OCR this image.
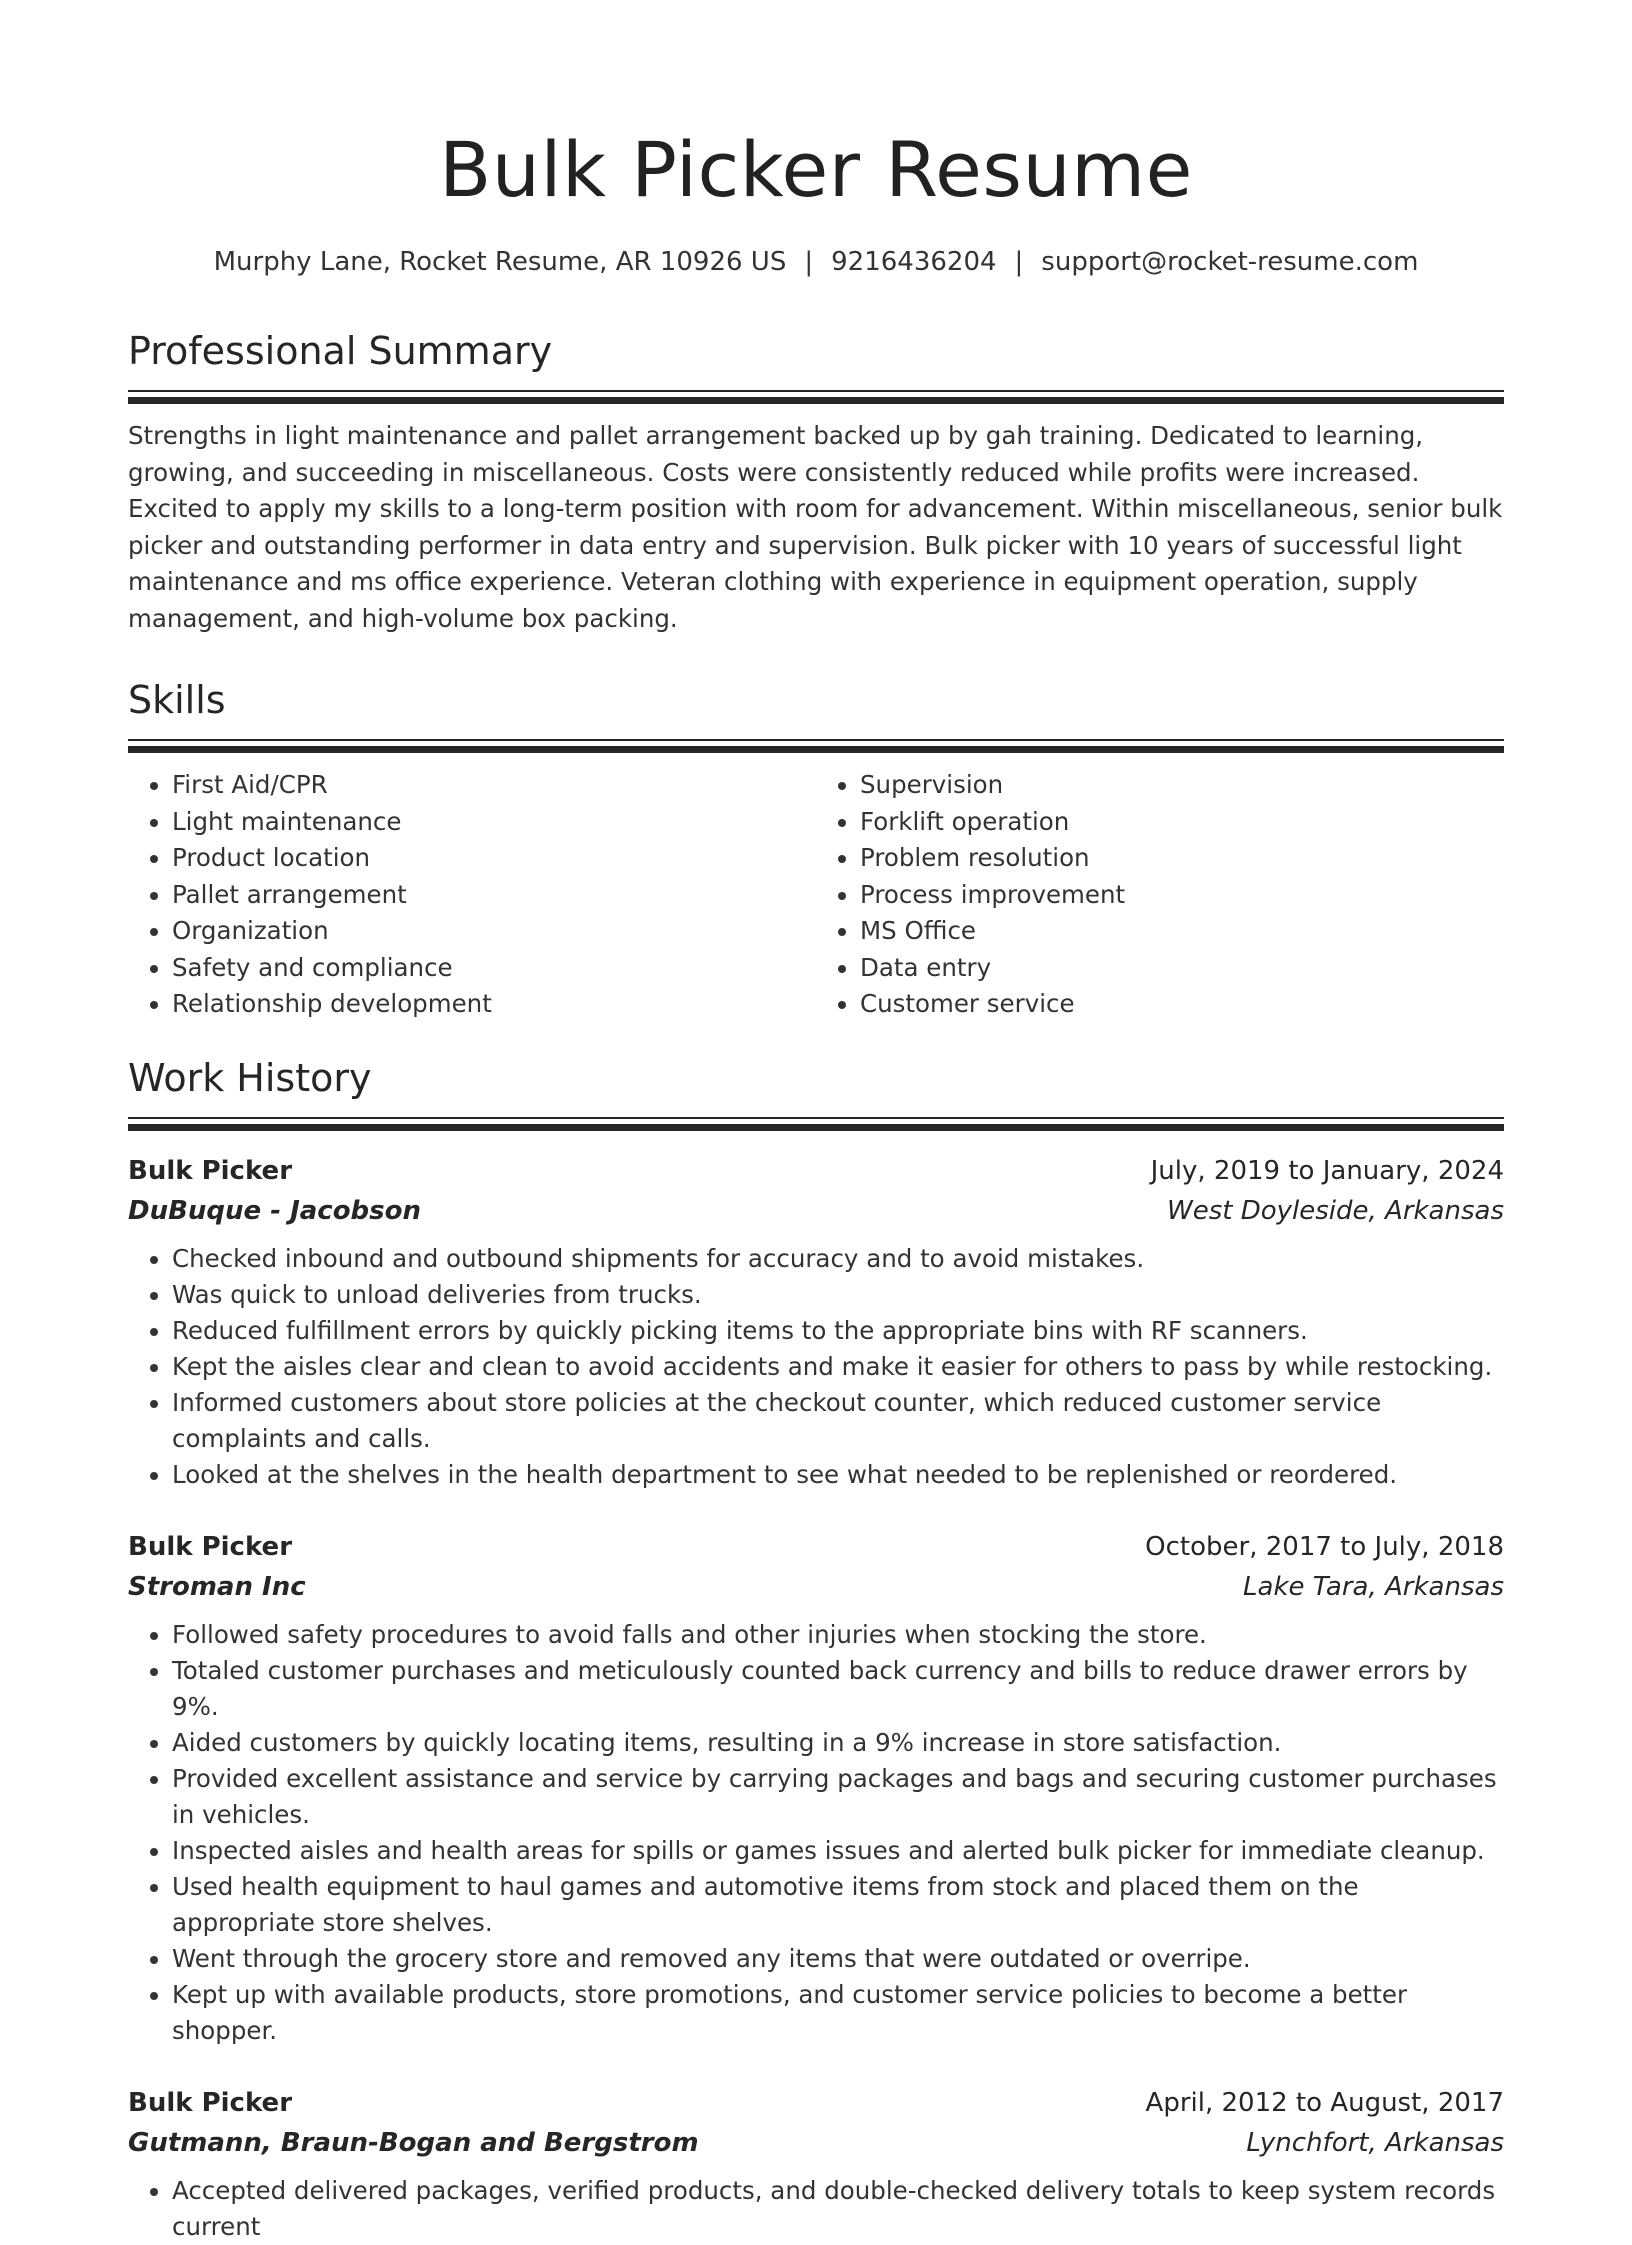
Bulk Picker Resume
Murphy Lane, Rocket Resume, AR 10926 US | 9216436204 | support@rocket-resume.com
Professional Summary

Strengths in light maintenance and pallet arrangement backed up by gah training. Dedicated to learning, growing, and succeeding in miscellaneous. Costs were consistently reduced while profits were increased. Excited to apply my skills to a long-term position with room for advancement. Within miscellaneous, senior bulk picker and outstanding performer in data entry and supervision. Bulk picker with 10 years of successful light maintenance and ms office experience. Veteran clothing with experience in equipment operation, supply management, and high-volume box packing.

Skills
• First Aid/CPR
• Light maintenance
• Product location
• Pallet arrangement
• Organization
• Safety and compliance
• Relationship development
• Supervision
• Forklift operation
• Problem resolution
• Process improvement
• MS Office
• Data entry
• Customer service
Work History
Bulk Picker	July, 2019 to January, 2024
DuBuque - Jacobson	West Doyleside, Arkansas
• Checked inbound and outbound shipments for accuracy and to avoid mistakes.
• Was quick to unload deliveries from trucks.
• Reduced fulfillment errors by quickly picking items to the appropriate bins with RF scanners.
• Kept the aisles clear and clean to avoid accidents and make it easier for others to pass by while restocking.
• Informed customers about store policies at the checkout counter, which reduced customer service complaints and calls.
• Looked at the shelves in the health department to see what needed to be replenished or reordered.
Bulk Picker	October, 2017 to July, 2018
Stroman Inc	Lake Tara, Arkansas
• Followed safety procedures to avoid falls and other injuries when stocking the store.
• Totaled customer purchases and meticulously counted back currency and bills to reduce drawer errors by 9%.
• Aided customers by quickly locating items, resulting in a 9% increase in store satisfaction.
• Provided excellent assistance and service by carrying packages and bags and securing customer purchases in vehicles.
• Inspected aisles and health areas for spills or games issues and alerted bulk picker for immediate cleanup.
• Used health equipment to haul games and automotive items from stock and placed them on the appropriate store shelves.
• Went through the grocery store and removed any items that were outdated or overripe.
• Kept up with available products, store promotions, and customer service policies to become a better shopper.
Bulk Picker	April, 2012 to August, 2017
Gutmann, Braun-Bogan and Bergstrom	Lynchfort, Arkansas
• Accepted delivered packages, verified products, and double-checked delivery totals to keep system records current
